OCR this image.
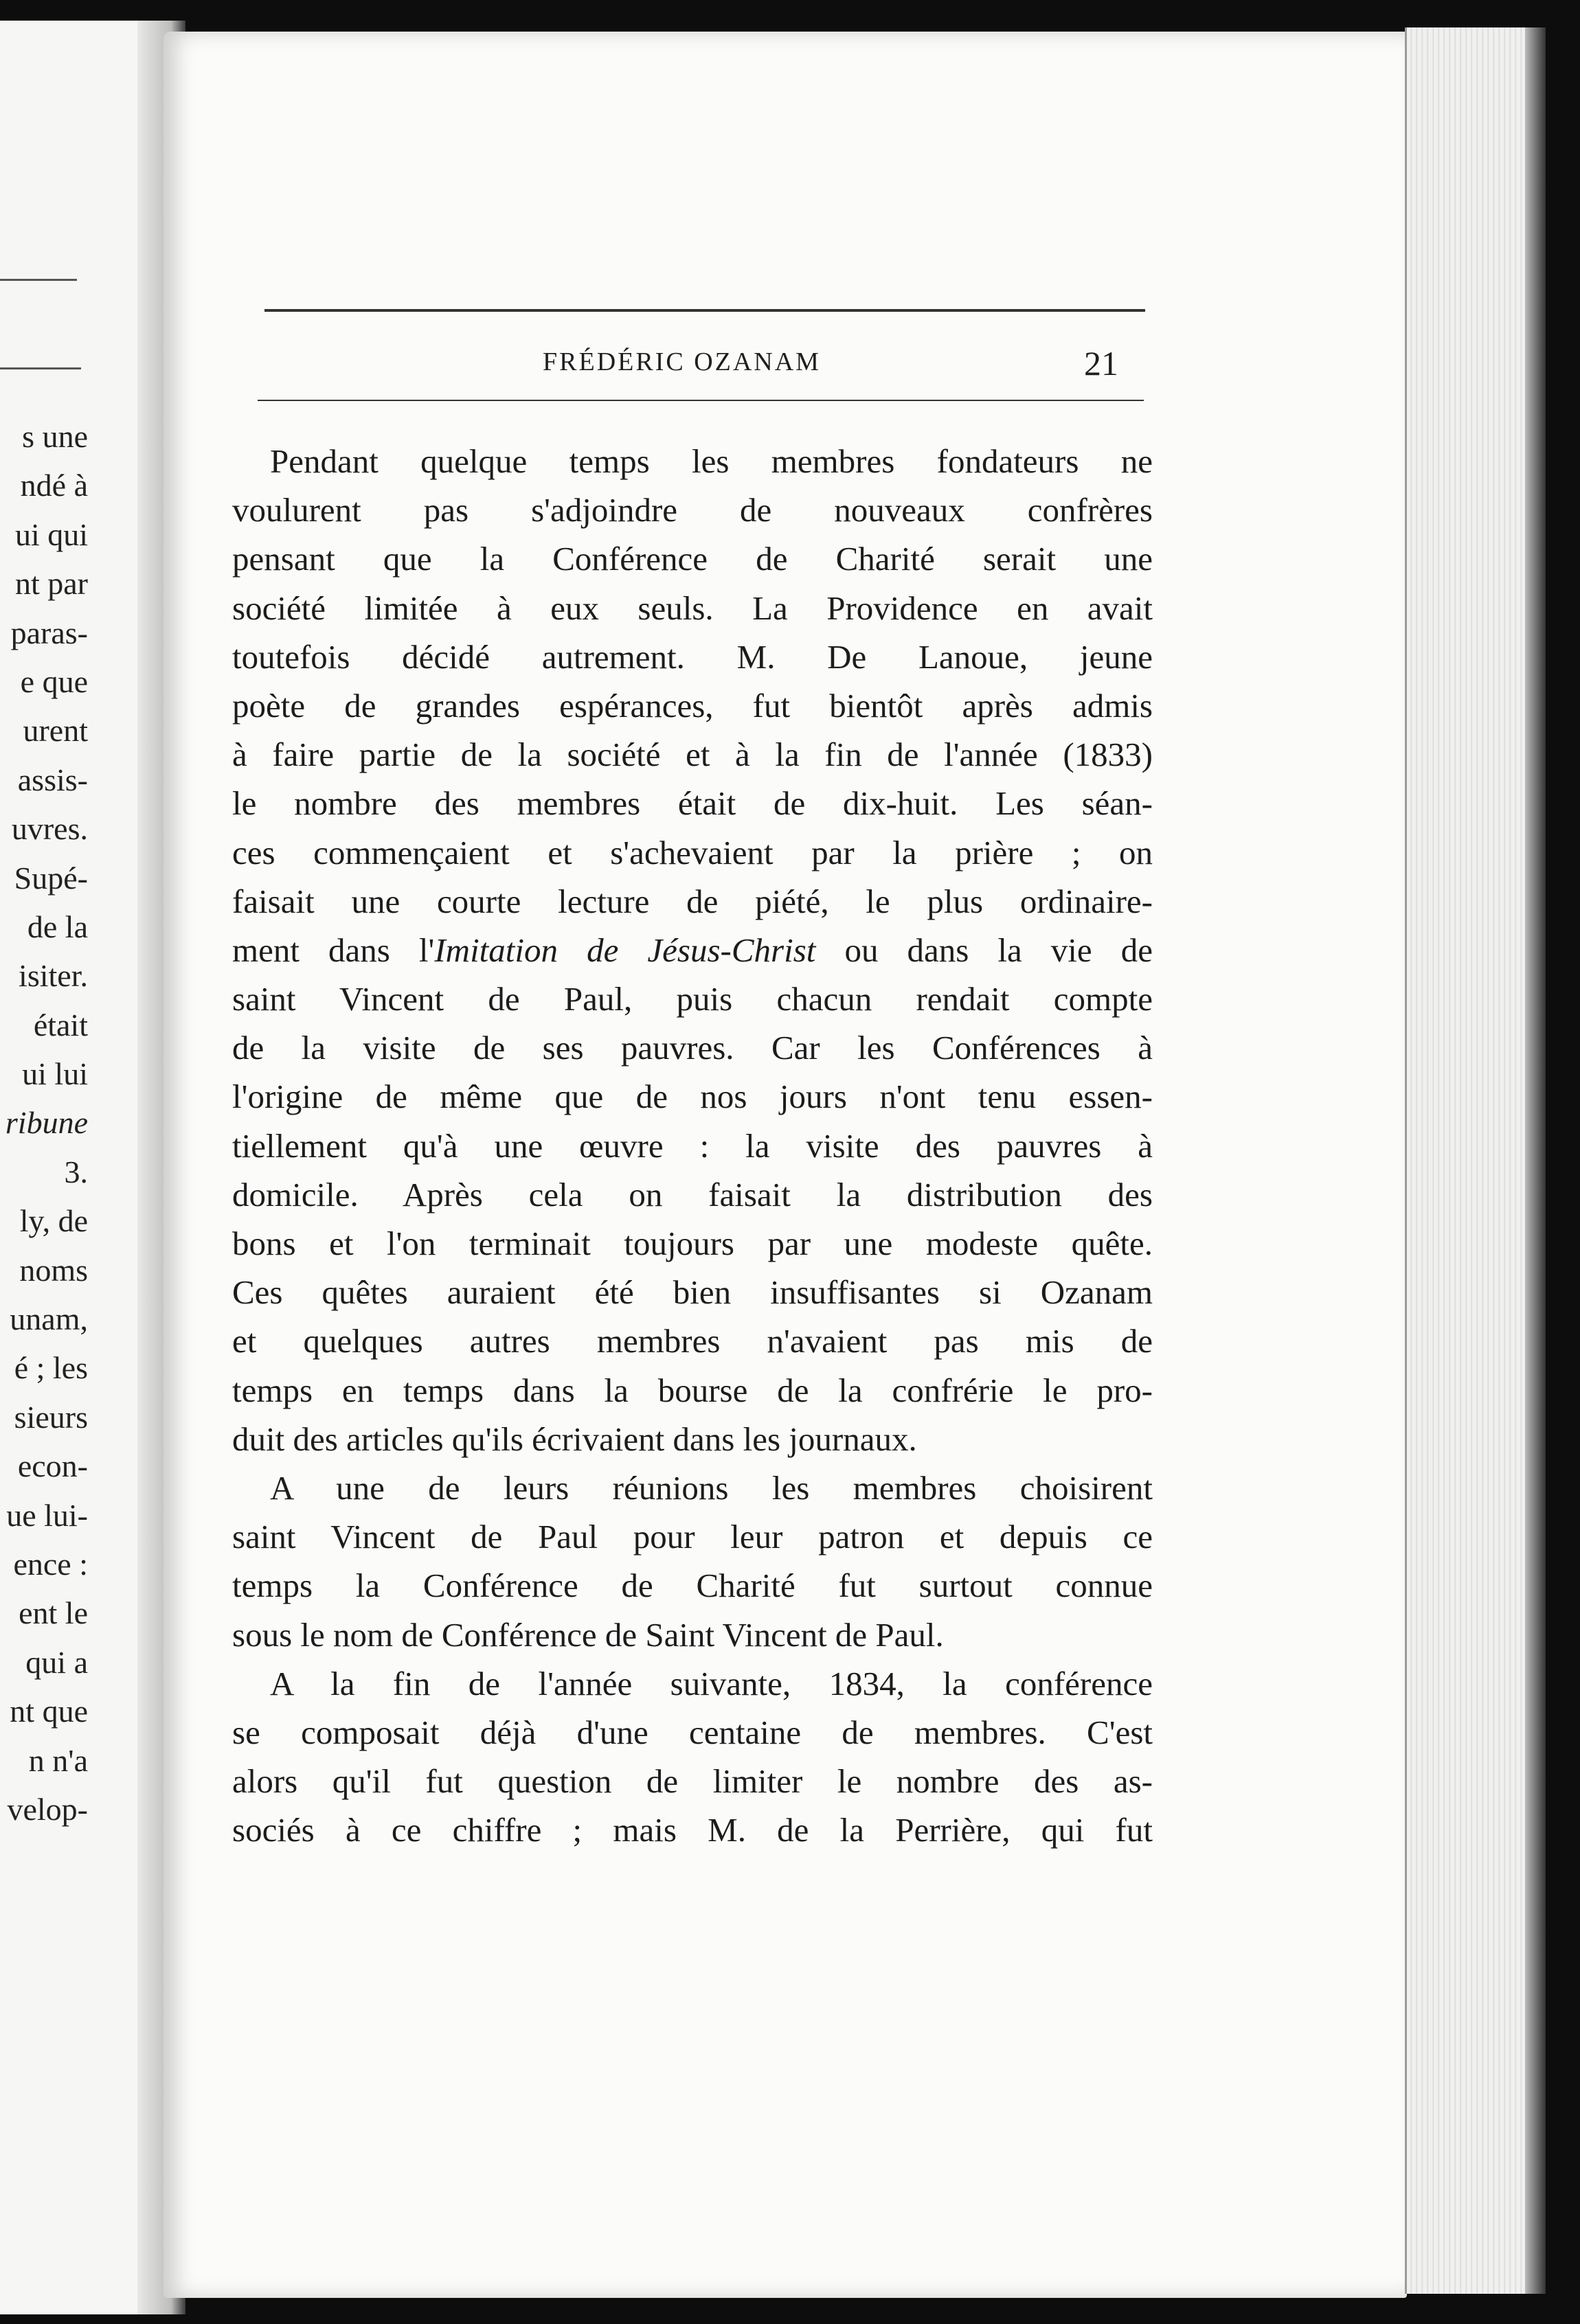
s une
ndé à
ui qui
nt par
paras-
e que
urent
assis-
uvres.
Supé-
de la
isiter.
était
ui lui
ribune
3.
ly, de
noms
unam,
é ; les
sieurs
econ-
ue lui-
ence :
ent le
qui a
nt que
n n'a
velop-
FRÉDÉRIC OZANAM	21
Pendant quelque temps les membres fondateurs ne
voulurent pas s'adjoindre de nouveaux confrères
pensant que la Conférence de Charité serait une
société limitée à eux seuls. La Providence en avait
toutefois décidé autrement. M. De Lanoue, jeune
poète de grandes espérances, fut bientôt après admis
à faire partie de la société et à la fin de l'année (1833)
le nombre des membres était de dix-huit. Les séan-
ces commençaient et s'achevaient par la prière ; on
faisait une courte lecture de piété, le plus ordinaire-
ment dans l'Imitation de Jésus-Christ ou dans la vie de
saint Vincent de Paul, puis chacun rendait compte
de la visite de ses pauvres. Car les Conférences à
l'origine de même que de nos jours n'ont tenu essen-
tiellement qu'à une œuvre : la visite des pauvres à
domicile. Après cela on faisait la distribution des
bons et l'on terminait toujours par une modeste quête.
Ces quêtes auraient été bien insuffisantes si Ozanam
et quelques autres membres n'avaient pas mis de
temps en temps dans la bourse de la confrérie le pro-
duit des articles qu'ils écrivaient dans les journaux.
A une de leurs réunions les membres choisirent
saint Vincent de Paul pour leur patron et depuis ce
temps la Conférence de Charité fut surtout connue
sous le nom de Conférence de Saint Vincent de Paul.
A la fin de l'année suivante, 1834, la conférence
se composait déjà d'une centaine de membres. C'est
alors qu'il fut question de limiter le nombre des as-
sociés à ce chiffre ; mais M. de la Perrière, qui fut
